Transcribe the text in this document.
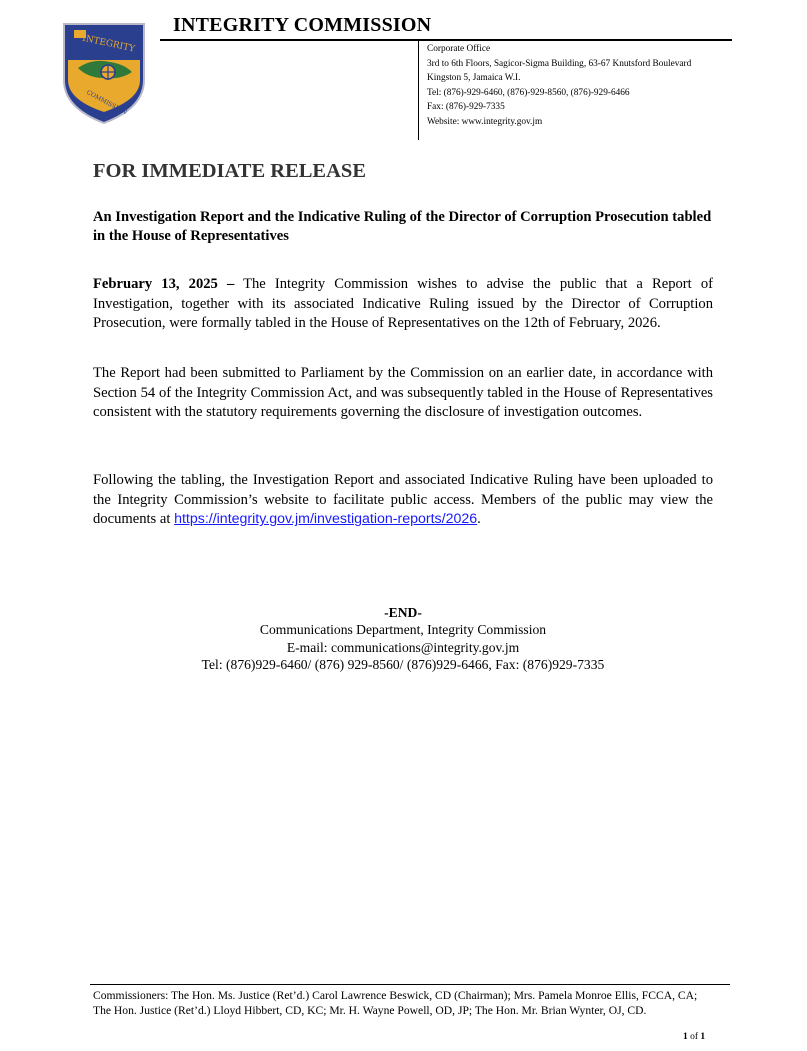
INTEGRITY
COMMISSION
INTEGRITY COMMISSION
Corporate Office
3rd to 6th Floors, Sagicor-Sigma Building, 63-67 Knutsford Boulevard
Kingston 5, Jamaica W.I.
Tel: (876)-929-6460, (876)-929-8560, (876)-929-6466
Fax: (876)-929-7335
Website: www.integrity.gov.jm
FOR IMMEDIATE RELEASE
An Investigation Report and the Indicative Ruling of the Director of Corruption Prosecution tabled in the House of Representatives

February 13, 2025 – The Integrity Commission wishes to advise the public that a Report of Investigation, together with its associated Indicative Ruling issued by the Director of Corruption Prosecution, were formally tabled in the House of Representatives on the 12th of February, 2026.

The Report had been submitted to Parliament by the Commission on an earlier date, in accordance with Section 54 of the Integrity Commission Act, and was subsequently tabled in the House of Representatives consistent with the statutory requirements governing the disclosure of investigation outcomes.

Following the tabling, the Investigation Report and associated Indicative Ruling have been uploaded to the Integrity Commission’s website to facilitate public access. Members of the public may view the documents at https://integrity.gov.jm/investigation-reports/2026.

-END-
Communications Department, Integrity Commission
E-mail: communications@integrity.gov.jm
Tel: (876)929-6460/ (876) 929-8560/ (876)929-6466, Fax: (876)929-7335
Commissioners: The Hon. Ms. Justice (Ret’d.) Carol Lawrence Beswick, CD (Chairman); Mrs. Pamela Monroe Ellis, FCCA, CA; The Hon. Justice (Ret’d.) Lloyd Hibbert, CD, KC; Mr. H. Wayne Powell, OD, JP; The Hon. Mr. Brian Wynter, OJ, CD.
1 of 1
